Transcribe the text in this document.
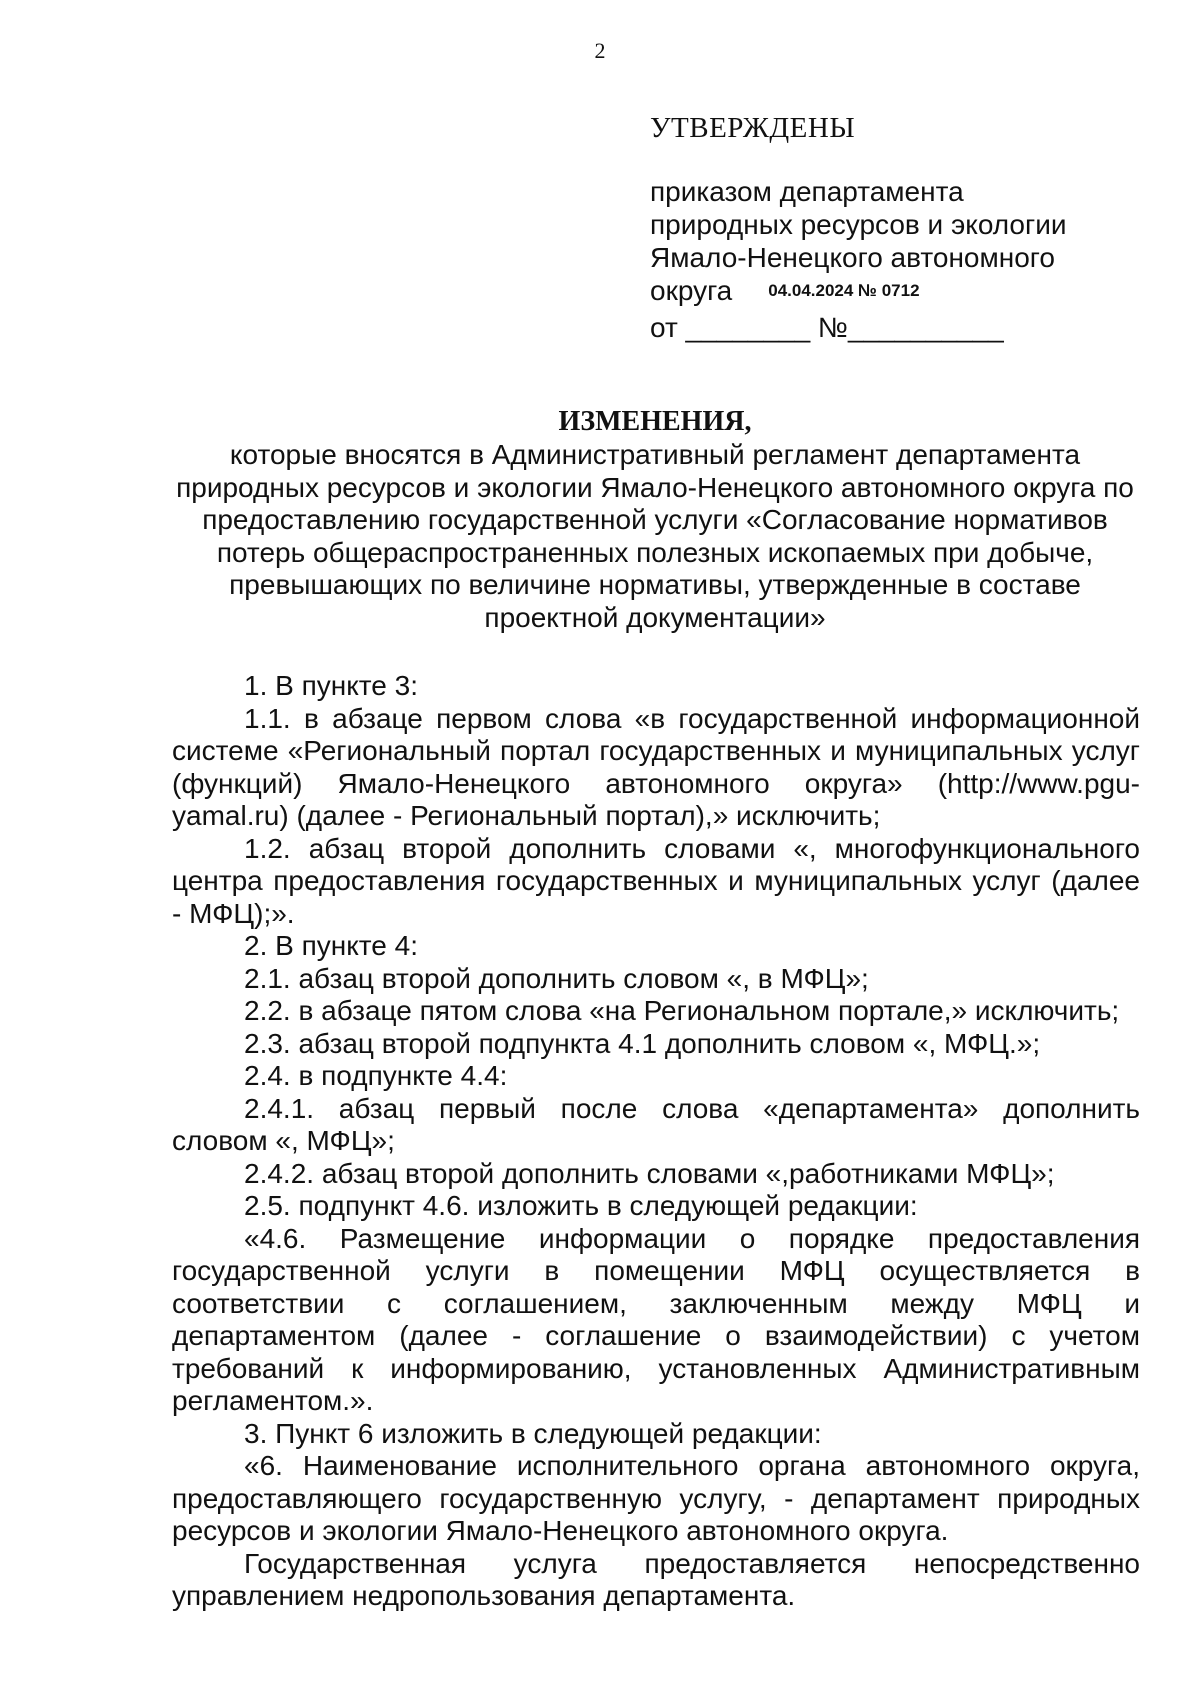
2
УТВЕРЖДЕНЫ
приказом департамента
природных ресурсов и экологии
Ямало-Ненецкого автономного
округа 04.04.2024 № 0712
от ________ №__________
ИЗМЕНЕНИЯ,
которые вносятся в Административный регламент департамента
природных ресурсов и экологии Ямало-Ненецкого автономного округа по
предоставлению государственной услуги «Согласование нормативов
потерь общераспространенных полезных ископаемых при добыче,
превышающих по величине нормативы, утвержденные в составе
проектной документации»

1. В пункте 3:

1.1. в абзаце первом слова «в государственной информационной системе «Региональный портал государственных и муниципальных услуг (функций) Ямало-Ненецкого автономного округа» (http://www.pgu-yamal.ru) (далее - Региональный портал),» исключить;

1.2. абзац второй дополнить словами «, многофункционального центра предоставления государственных и муниципальных услуг (далее - МФЦ);».

2. В пункте 4:

2.1. абзац второй дополнить словом «, в МФЦ»;

2.2. в абзаце пятом слова «на Региональном портале,» исключить;

2.3. абзац второй подпункта 4.1 дополнить словом «, МФЦ.»;

2.4. в подпункте 4.4:

2.4.1. абзац первый после слова «департамента» дополнить словом «, МФЦ»;

2.4.2. абзац второй дополнить словами «,работниками МФЦ»;

2.5. подпункт 4.6. изложить в следующей редакции:

«4.6. Размещение информации о порядке предоставления государственной услуги в помещении МФЦ осуществляется в соответствии с соглашением, заключенным между МФЦ и департаментом (далее - соглашение о взаимодействии) с учетом требований к информированию, установленных Административным регламентом.».

3. Пункт 6 изложить в следующей редакции:

«6. Наименование исполнительного органа автономного округа, предоставляющего государственную услугу, - департамент природных ресурсов и экологии Ямало-Ненецкого автономного округа.

Государственная услуга предоставляется непосредственно управлением недропользования департамента.
